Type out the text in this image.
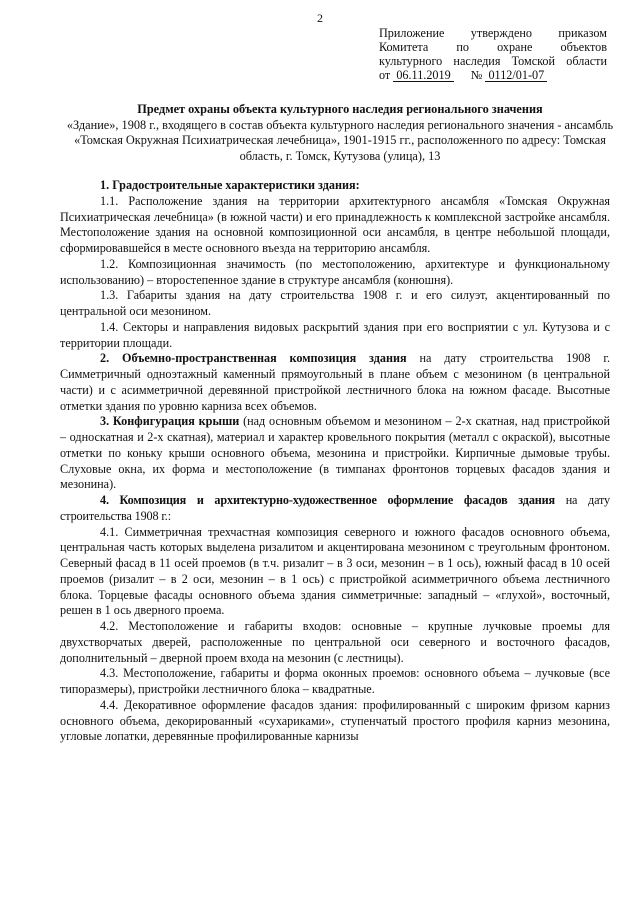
2
Приложение утверждено приказом
Комитета по охране объектов
культурного наследия Томской области
от 06.11.2019 № 0112/01-07
Предмет охраны объекта культурного наследия регионального значения
«Здание», 1908 г., входящего в состав объекта культурного наследия регионального значения - ансамбль «Томская Окружная Психиатрическая лечебница», 1901-1915 гг., расположенного по адресу: Томская область, г. Томск, Кутузова (улица), 13

1. Градостроительные характеристики здания:

1.1. Расположение здания на территории архитектурного ансамбля «Томская Окружная Психиатрическая лечебница» (в южной части) и его принадлежность к комплексной застройке ансамбля. Местоположение здания на основной композиционной оси ансамбля, в центре небольшой площади, сформировавшейся в месте основного въезда на территорию ансамбля.

1.2. Композиционная значимость (по местоположению, архитектуре и функциональному использованию) – второстепенное здание в структуре ансамбля (конюшня).

1.3. Габариты здания на дату строительства 1908 г. и его силуэт, акцентированный по центральной оси мезонином.

1.4. Секторы и направления видовых раскрытий здания при его восприятии с ул. Кутузова и с территории площади.

2. Объемно-пространственная композиция здания на дату строительства 1908 г. Симметричный одноэтажный каменный прямоугольный в плане объем с мезонином (в центральной части) и с асимметричной деревянной пристройкой лестничного блока на южном фасаде. Высотные отметки здания по уровню карниза всех объемов.

3. Конфигурация крыши (над основным объемом и мезонином – 2-х скатная, над пристройкой – односкатная и 2-х скатная), материал и характер кровельного покрытия (металл с окраской), высотные отметки по коньку крыши основного объема, мезонина и пристройки. Кирпичные дымовые трубы. Слуховые окна, их форма и местоположение (в тимпанах фронтонов торцевых фасадов здания и мезонина).

4. Композиция и архитектурно-художественное оформление фасадов здания на дату строительства 1908 г.:

4.1. Симметричная трехчастная композиция северного и южного фасадов основного объема, центральная часть которых выделена ризалитом и акцентирована мезонином с треугольным фронтоном. Северный фасад в 11 осей проемов (в т.ч. ризалит – в 3 оси, мезонин – в 1 ось), южный фасад в 10 осей проемов (ризалит – в 2 оси, мезонин – в 1 ось) с пристройкой асимметричного объема лестничного блока. Торцевые фасады основного объема здания симметричные: западный – «глухой», восточный, решен в 1 ось дверного проема.

4.2. Местоположение и габариты входов: основные – крупные лучковые проемы для двухстворчатых дверей, расположенные по центральной оси северного и восточного фасадов, дополнительный – дверной проем входа на мезонин (с лестницы).

4.3. Местоположение, габариты и форма оконных проемов: основного объема – лучковые (все типоразмеры), пристройки лестничного блока – квадратные.

4.4. Декоративное оформление фасадов здания: профилированный с широким фризом карниз основного объема, декорированный «сухариками», ступенчатый простого профиля карниз мезонина, угловые лопатки, деревянные профилированные карнизы
